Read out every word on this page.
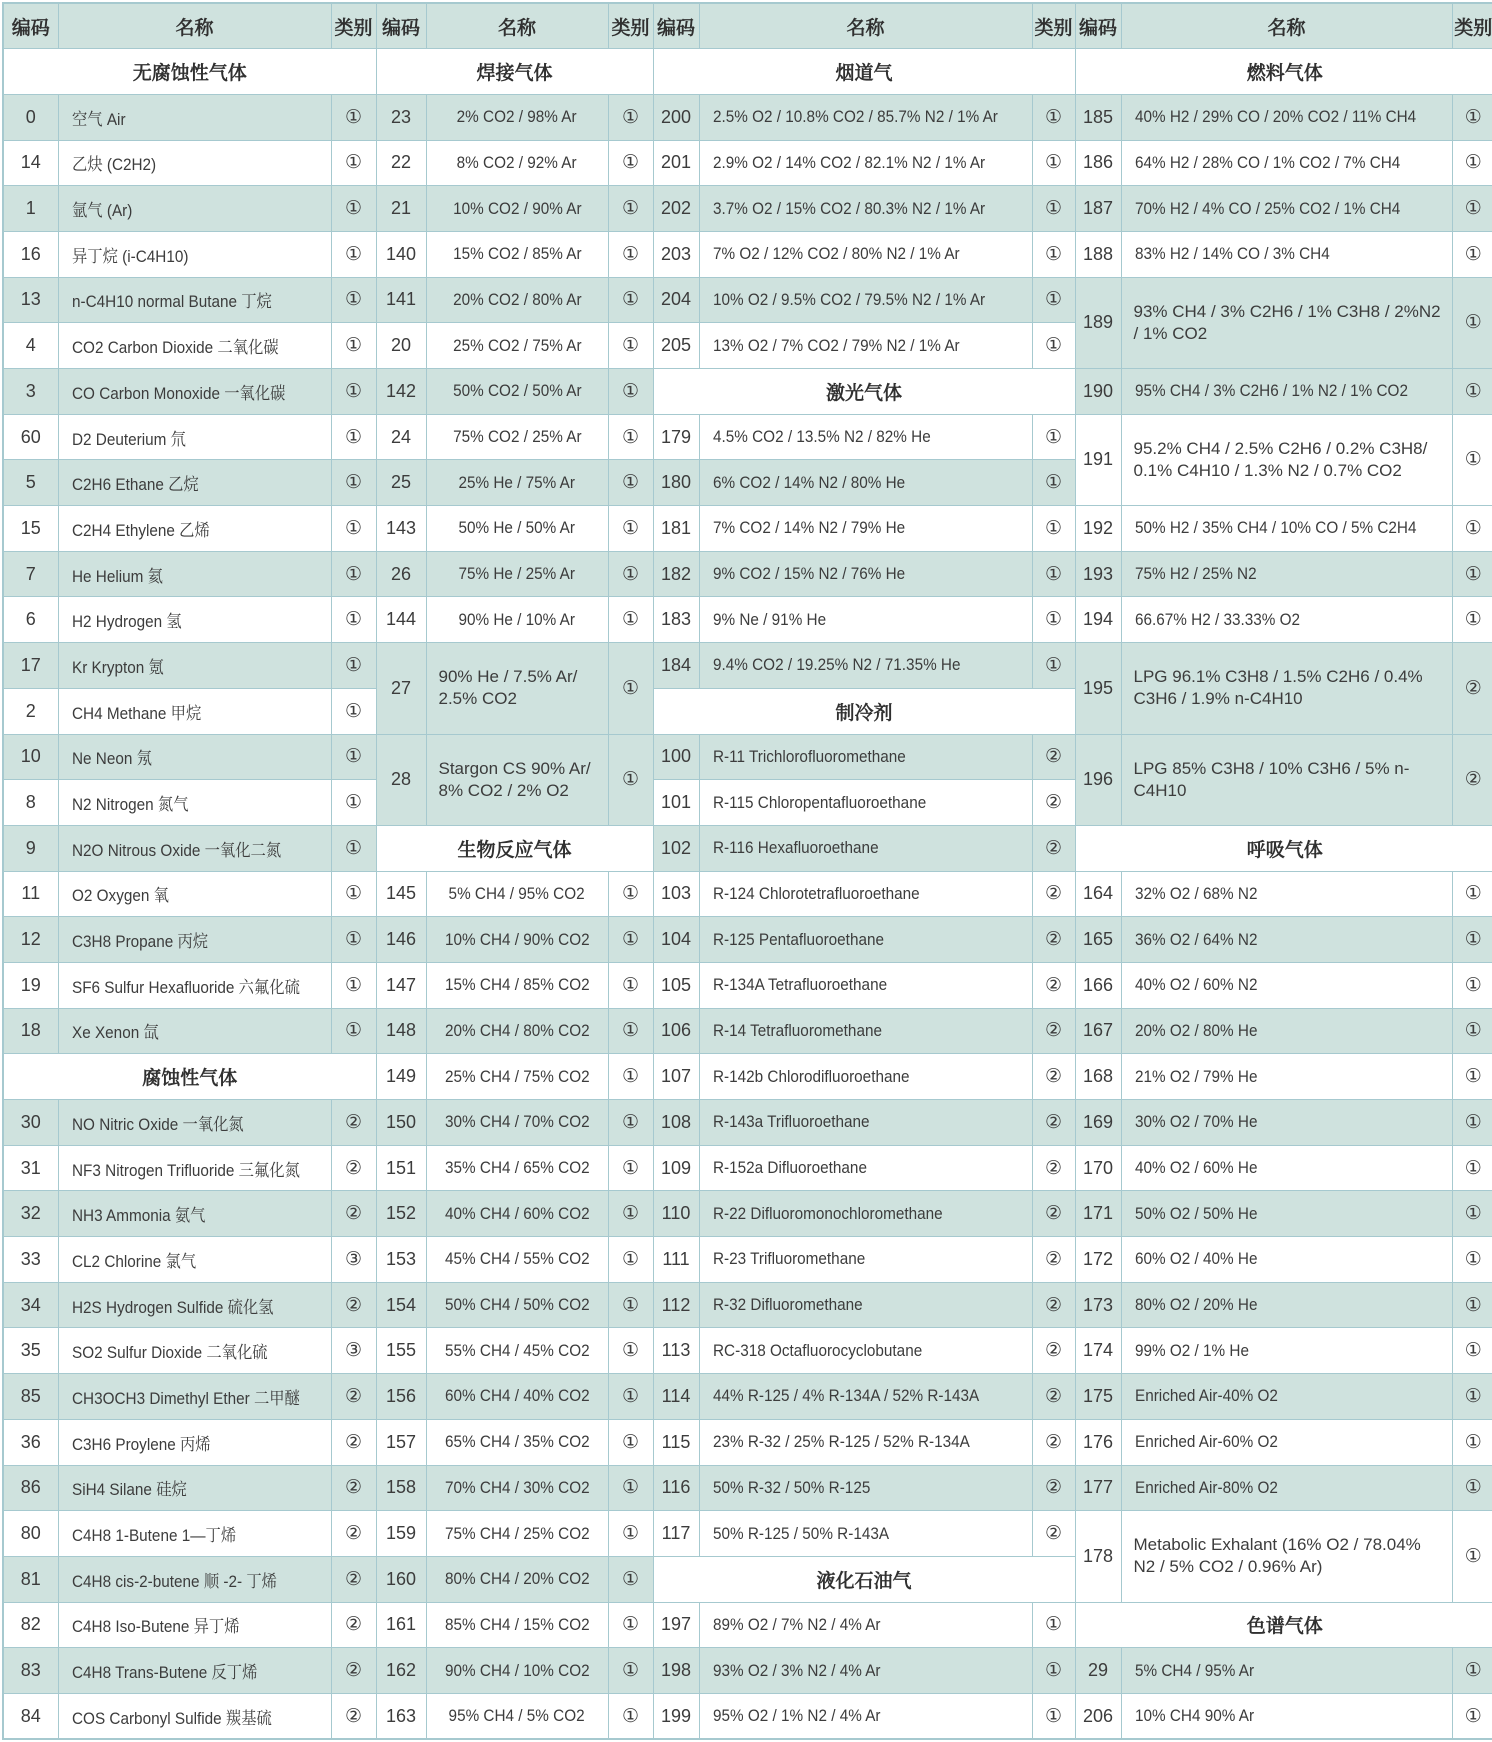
编码	名称	类别	编码	名称	类别	编码	名称	类别	编码	名称	类别
无腐蚀性气体			焊接气体			烟道气			燃料气体		
0	空气 Air	①	23	2% CO2 / 98% Ar	①	200	2.5% O2 / 10.8% CO2 / 85.7% N2 / 1% Ar	①	185	40% H2 / 29% CO / 20% CO2 / 11% CH4	①
14	乙炔 (C2H2)	①	22	8% CO2 / 92% Ar	①	201	2.9% O2 / 14% CO2 / 82.1% N2 / 1% Ar	①	186	64% H2 / 28% CO / 1% CO2 / 7% CH4	①
1	氩气 (Ar)	①	21	10% CO2 / 90% Ar	①	202	3.7% O2 / 15% CO2 / 80.3% N2 / 1% Ar	①	187	70% H2 / 4% CO / 25% CO2 / 1% CH4	①
16	异丁烷 (i-C4H10)	①	140	15% CO2 / 85% Ar	①	203	7% O2 / 12% CO2 / 80% N2 / 1% Ar	①	188	83% H2 / 14% CO / 3% CH4	①
13	n-C4H10 normal Butane 丁烷	①	141	20% CO2 / 80% Ar	①	204	10% O2 / 9.5% CO2 / 79.5% N2 / 1% Ar	①	189	93% CH4 / 3% C2H6 / 1% C3H8 / 2%N2 / 1% CO2	①
4	CO2 Carbon Dioxide 二氧化碳	①	20	25% CO2 / 75% Ar	①	205	13% O2 / 7% CO2 / 79% N2 / 1% Ar	①			
3	CO Carbon Monoxide 一氧化碳	①	142	50% CO2 / 50% Ar	①	激光气体			190	95% CH4 / 3% C2H6 / 1% N2 / 1% CO2	①
60	D2 Deuterium 氘	①	24	75% CO2 / 25% Ar	①	179	4.5% CO2 / 13.5% N2 / 82% He	①	191	95.2% CH4 / 2.5% C2H6 / 0.2% C3H8/ 0.1% C4H10 / 1.3% N2 / 0.7% CO2	①
5	C2H6 Ethane 乙烷	①	25	25% He / 75% Ar	①	180	6% CO2 / 14% N2 / 80% He	①			
15	C2H4 Ethylene 乙烯	①	143	50% He / 50% Ar	①	181	7% CO2 / 14% N2 / 79% He	①	192	50% H2 / 35% CH4 / 10% CO / 5% C2H4	①
7	He Helium 氦	①	26	75% He / 25% Ar	①	182	9% CO2 / 15% N2 / 76% He	①	193	75% H2 / 25% N2	①
6	H2 Hydrogen 氢	①	144	90% He / 10% Ar	①	183	9% Ne / 91% He	①	194	66.67% H2 / 33.33% O2	①
17	Kr Krypton 氪	①	27	90% He / 7.5% Ar/ 2.5% CO2	①	184	9.4% CO2 / 19.25% N2 / 71.35% He	①	195	LPG 96.1% C3H8 / 1.5% C2H6 / 0.4% C3H6 / 1.9% n-C4H10	②
2	CH4 Methane 甲烷	①				制冷剂					
10	Ne Neon 氖	①	28	Stargon CS 90% Ar/ 8% CO2 / 2% O2	①	100	R-11 Trichlorofluoromethane	②	196	LPG 85% C3H8 / 10% C3H6 / 5% n-C4H10	②
8	N2 Nitrogen 氮气	①				101	R-115 Chloropentafluoroethane	②			
9	N2O Nitrous Oxide 一氧化二氮	①	生物反应气体			102	R-116 Hexafluoroethane	②	呼吸气体		
11	O2 Oxygen 氧	①	145	5% CH4 / 95% CO2	①	103	R-124 Chlorotetrafluoroethane	②	164	32% O2 / 68% N2	①
12	C3H8 Propane 丙烷	①	146	10% CH4 / 90% CO2	①	104	R-125 Pentafluoroethane	②	165	36% O2 / 64% N2	①
19	SF6 Sulfur Hexafluoride 六氟化硫	①	147	15% CH4 / 85% CO2	①	105	R-134A Tetrafluoroethane	②	166	40% O2 / 60% N2	①
18	Xe Xenon 氙	①	148	20% CH4 / 80% CO2	①	106	R-14 Tetrafluoromethane	②	167	20% O2 / 80% He	①
腐蚀性气体			149	25% CH4 / 75% CO2	①	107	R-142b Chlorodifluoroethane	②	168	21% O2 / 79% He	①
30	NO Nitric Oxide 一氧化氮	②	150	30% CH4 / 70% CO2	①	108	R-143a Trifluoroethane	②	169	30% O2 / 70% He	①
31	NF3 Nitrogen Trifluoride 三氟化氮	②	151	35% CH4 / 65% CO2	①	109	R-152a Difluoroethane	②	170	40% O2 / 60% He	①
32	NH3 Ammonia 氨气	②	152	40% CH4 / 60% CO2	①	110	R-22 Difluoromonochloromethane	②	171	50% O2 / 50% He	①
33	CL2 Chlorine 氯气	③	153	45% CH4 / 55% CO2	①	111	R-23 Trifluoromethane	②	172	60% O2 / 40% He	①
34	H2S Hydrogen Sulfide 硫化氢	②	154	50% CH4 / 50% CO2	①	112	R-32 Difluoromethane	②	173	80% O2 / 20% He	①
35	SO2 Sulfur Dioxide 二氧化硫	③	155	55% CH4 / 45% CO2	①	113	RC-318 Octafluorocyclobutane	②	174	99% O2 / 1% He	①
85	CH3OCH3 Dimethyl Ether 二甲醚	②	156	60% CH4 / 40% CO2	①	114	44% R-125 / 4% R-134A / 52% R-143A	②	175	Enriched Air-40% O2	①
36	C3H6 Proylene 丙烯	②	157	65% CH4 / 35% CO2	①	115	23% R-32 / 25% R-125 / 52% R-134A	②	176	Enriched Air-60% O2	①
86	SiH4 Silane 硅烷	②	158	70% CH4 / 30% CO2	①	116	50% R-32 / 50% R-125	②	177	Enriched Air-80% O2	①
80	C4H8 1-Butene 1—丁烯	②	159	75% CH4 / 25% CO2	①	117	50% R-125 / 50% R-143A	②	178	Metabolic Exhalant (16% O2 / 78.04% N2 / 5% CO2 / 0.96% Ar)	①
81	C4H8 cis-2-butene 顺 -2- 丁烯	②	160	80% CH4 / 20% CO2	①	液化石油气					
82	C4H8 Iso-Butene 异丁烯	②	161	85% CH4 / 15% CO2	①	197	89% O2 / 7% N2 / 4% Ar	①	色谱气体		
83	C4H8 Trans-Butene 反丁烯	②	162	90% CH4 / 10% CO2	①	198	93% O2 / 3% N2 / 4% Ar	①	29	5% CH4 / 95% Ar	①
84	COS Carbonyl Sulfide 羰基硫	②	163	95% CH4 / 5% CO2	①	199	95% O2 / 1% N2 / 4% Ar	①	206	10% CH4 90% Ar	①
